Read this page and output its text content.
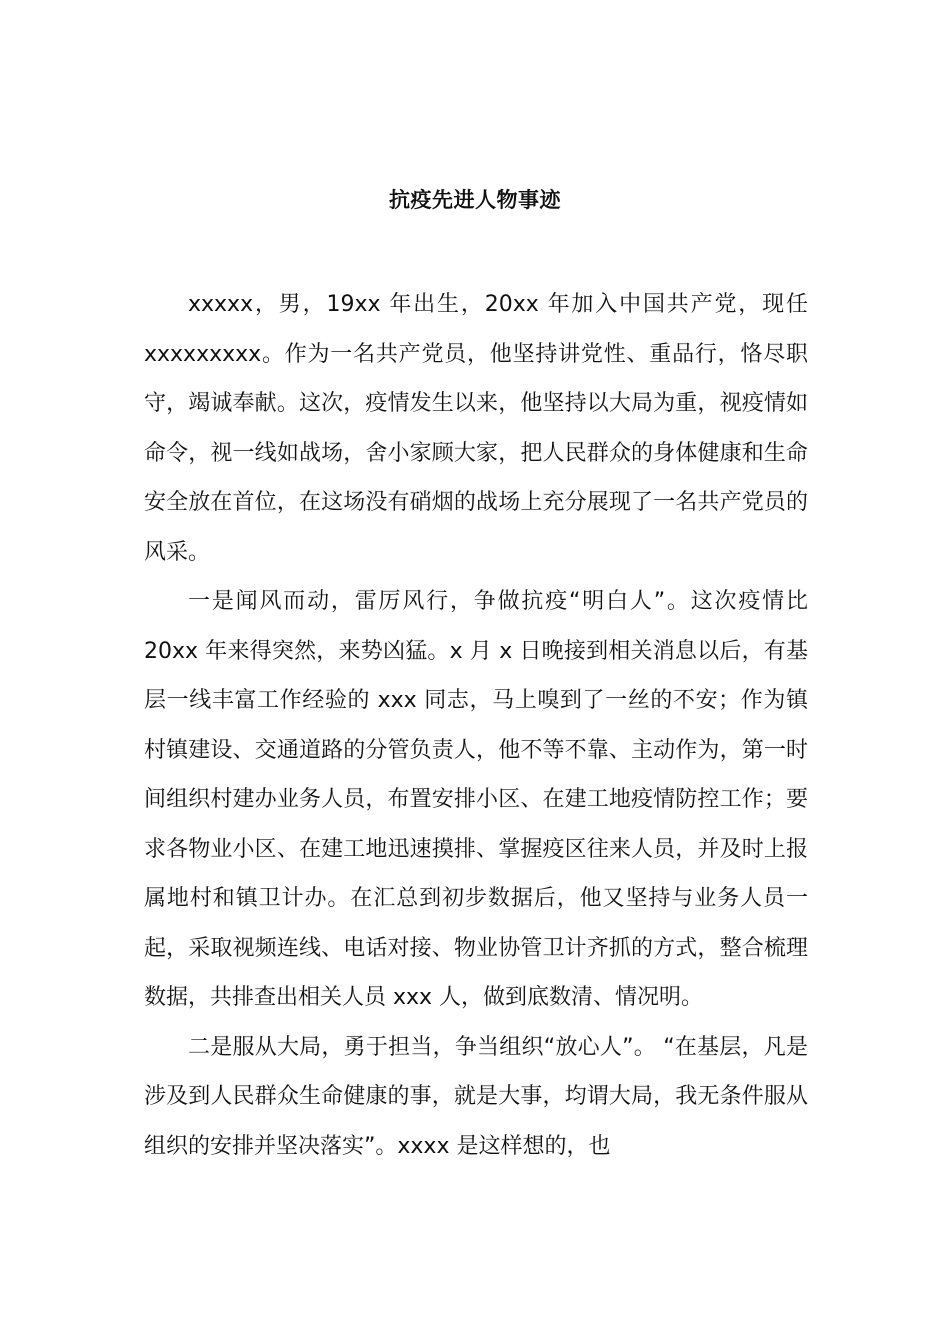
抗疫先进人物事迹

xxxxx，男，19xx 年出生，20xx 年加入中国共产党，现任 xxxxxxxxx。作为一名共产党员，他坚持讲党性、重品行，恪尽职守，竭诚奉献。这次，疫情发生以来，他坚持以大局为重，视疫情如命令，视一线如战场，舍小家顾大家，把人民群众的身体健康和生命安全放在首位，在这场没有硝烟的战场上充分展现了一名共产党员的风采。

一是闻风而动，雷厉风行，争做抗疫“明白人”。这次疫情比 20xx 年来得突然，来势凶猛。x 月 x 日晚接到相关消息以后，有基层一线丰富工作经验的 xxx 同志，马上嗅到了一丝的不安；作为镇村镇建设、交通道路的分管负责人，他不等不靠、主动作为，第一时间组织村建办业务人员，布置安排小区、在建工地疫情防控工作；要求各物业小区、在建工地迅速摸排、掌握疫区往来人员，并及时上报属地村和镇卫计办。在汇总到初步数据后，他又坚持与业务人员一起，采取视频连线、电话对接、物业协管卫计齐抓的方式，整合梳理数据，共排查出相关人员 xxx 人，做到底数清、情况明。

二是服从大局，勇于担当，争当组织“放心人”。 “在基层，凡是涉及到人民群众生命健康的事，就是大事，均谓大局，我无条件服从组织的安排并坚决落实”。xxxx 是这样想的，也
